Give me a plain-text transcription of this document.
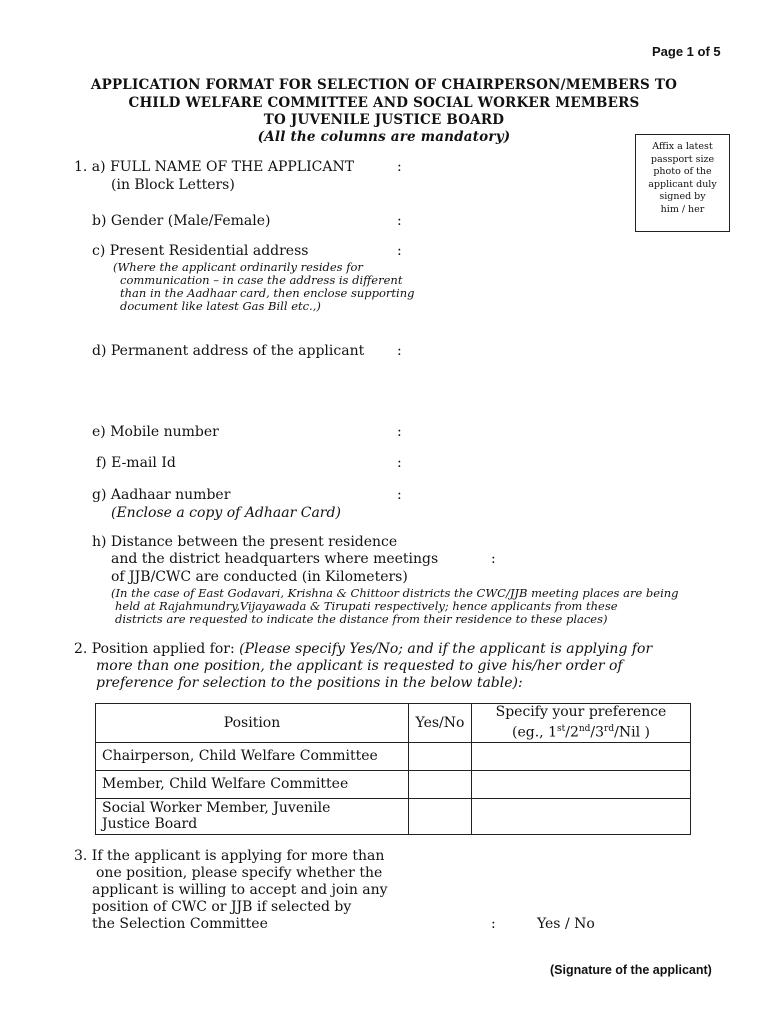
Page 1 of 5
APPLICATION FORMAT FOR SELECTION OF CHAIRPERSON/MEMBERS TO
CHILD WELFARE COMMITTEE AND SOCIAL WORKER MEMBERS
TO JUVENILE JUSTICE BOARD
(All the columns are mandatory)
Affix a latest
passport size
photo of the
applicant duly
signed by
him / her
1. a) FULL NAME OF THE APPLICANT	:
(in Block Letters)
b) Gender (Male/Female)	:
c) Present Residential address	:
(Where the applicant ordinarily resides for
communication – in case the address is different
than in the Aadhaar card, then enclose supporting
document like latest Gas Bill etc.,)
d) Permanent address of the applicant :
e) Mobile number	:
f) E-mail Id	:
g) Aadhaar number	:
(Enclose a copy of Adhaar Card)
h) Distance between the present residence
and the district headquarters where meetings	:
of JJB/CWC are conducted (in Kilometers)
(In the case of East Godavari, Krishna & Chittoor districts the CWC/JJB meeting places are being
held at Rajahmundry,Vijayawada & Tirupati respectively; hence applicants from these
districts are requested to indicate the distance from their residence to these places)
2. Position applied for: (Please specify Yes/No; and if the applicant is applying for
more than one position, the applicant is requested to give his/her order of
preference for selection to the positions in the below table):
Position	Yes/No	Specify your preference
(eg., 1st/2nd/3rd/Nil )

Chairperson, Child Welfare Committee		
Member, Child Welfare Committee		

Social Worker Member, Juvenile
Justice Board		

3. If the applicant is applying for more than
one position, please specify whether the
applicant is willing to accept and join any
position of CWC or JJB if selected by
the Selection Committee	:	Yes / No
(Signature of the applicant)
